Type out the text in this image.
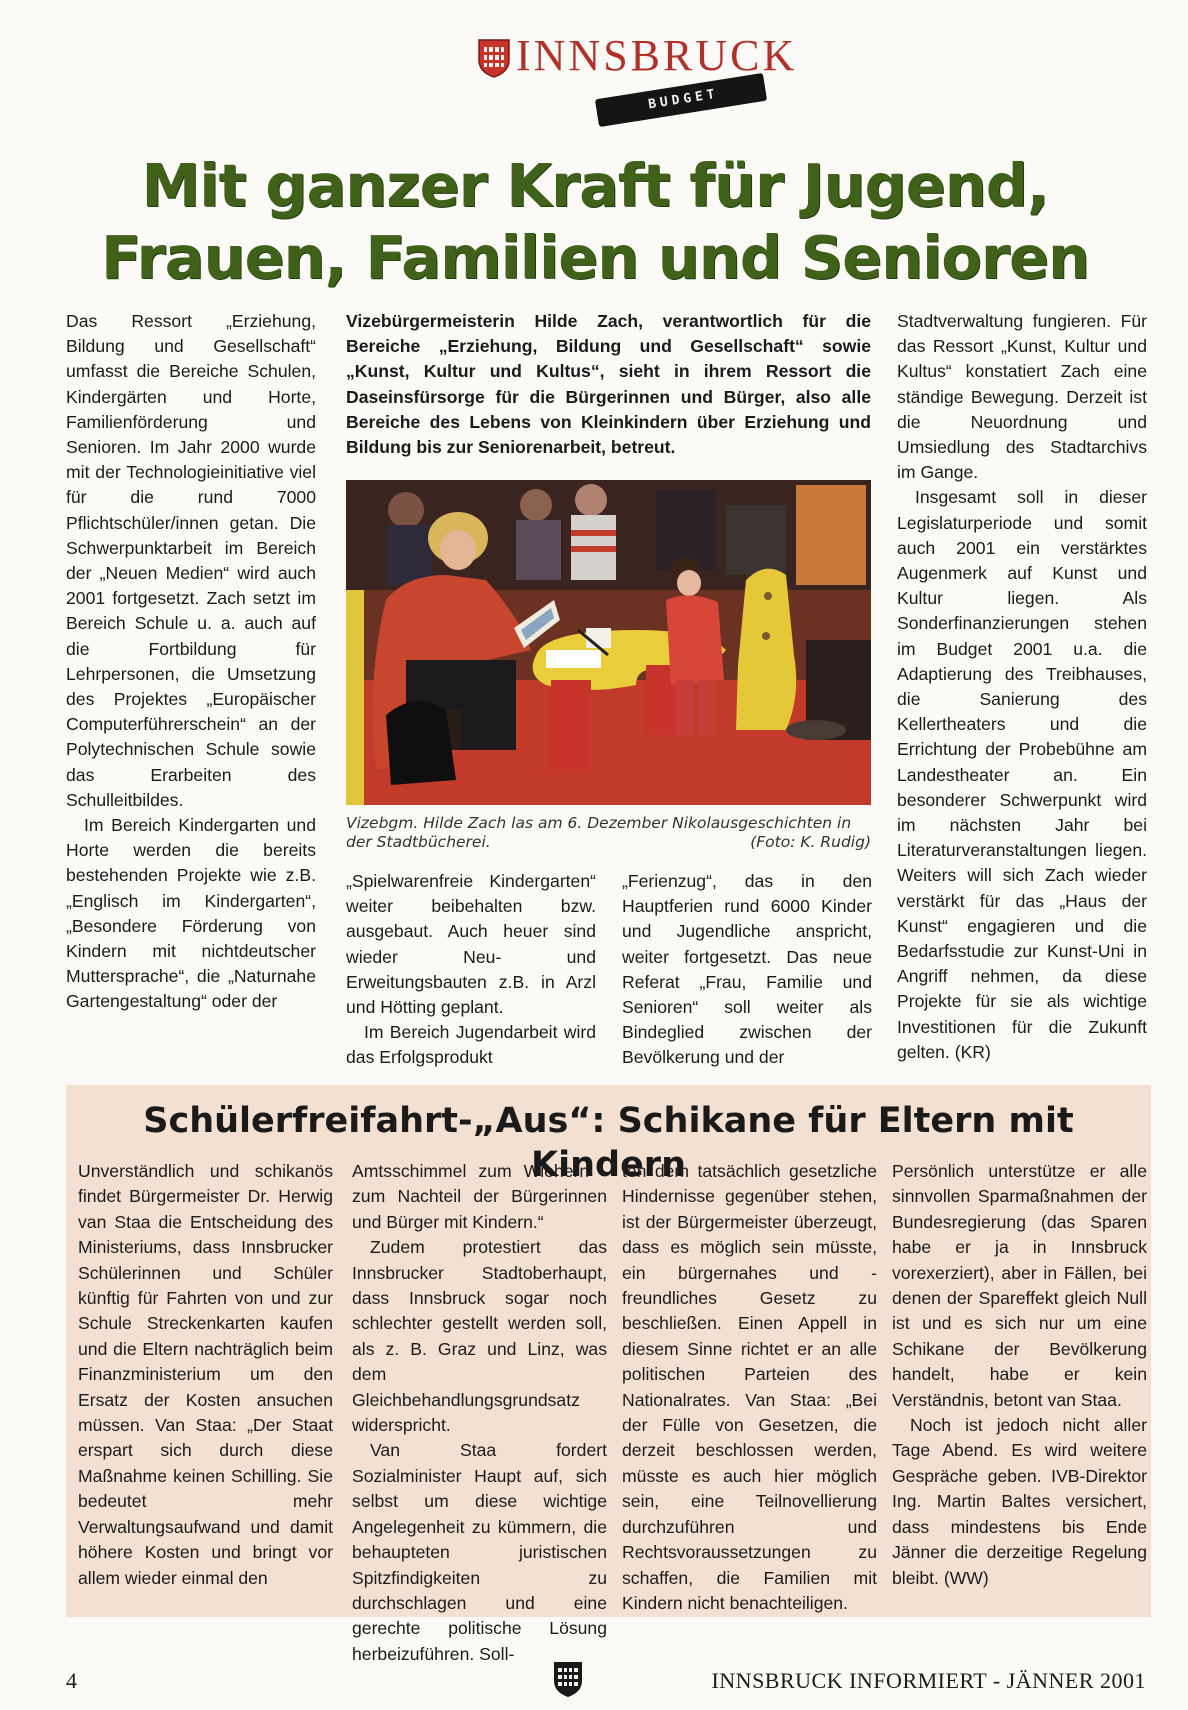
INNSBRUCK
BUDGET
Mit ganzer Kraft für Jugend,
Frauen, Familien und Senioren

Das Ressort „Erziehung, Bildung und Gesellschaft“ umfasst die Bereiche Schulen, Kindergärten und Horte, Familienförderung und Senioren. Im Jahr 2000 wurde mit der Technologieinitiative viel für die rund 7000 Pflichtschüler/innen getan. Die Schwerpunktarbeit im Bereich der „Neuen Medien“ wird auch 2001 fortgesetzt. Zach setzt im Bereich Schule u. a. auch auf die Fortbildung für Lehrpersonen, die Umsetzung des Projektes „Europäischer Computerführerschein“ an der Polytechnischen Schule sowie das Erarbeiten des Schulleitbildes.

Im Bereich Kindergarten und Horte werden die bereits bestehenden Projekte wie z.B. „Englisch im Kindergarten“, „Besondere Förderung von Kindern mit nichtdeutscher Muttersprache“, die „Naturnahe Gartengestaltung“ oder der

Vizebürgermeisterin Hilde Zach, verantwortlich für die Bereiche „Erziehung, Bildung und Gesellschaft“ sowie „Kunst, Kultur und Kultus“, sieht in ihrem Ressort die Daseinsfürsorge für die Bürgerinnen und Bürger, also alle Bereiche des Lebens von Kleinkindern über Erziehung und Bildung bis zur Seniorenarbeit, betreut.
Vizebgm. Hilde Zach las am 6. Dezember Nikolausgeschichten in der Stadtbücherei.	(Foto: K. Rudig)

„Spielwarenfreie Kindergarten“ weiter beibehalten bzw. ausgebaut. Auch heuer sind wieder Neu- und Erweitungsbauten z.B. in Arzl und Hötting geplant.

Im Bereich Jugendarbeit wird das Erfolgsprodukt

„Ferienzug“, das in den Hauptferien rund 6000 Kinder und Jugendliche anspricht, weiter fortgesetzt. Das neue Referat „Frau, Familie und Senioren“ soll weiter als Bindeglied zwischen der Bevölkerung und der

Stadtverwaltung fungieren. Für das Ressort „Kunst, Kultur und Kultus“ konstatiert Zach eine ständige Bewegung. Derzeit ist die Neuordnung und Umsiedlung des Stadtarchivs im Gange.

Insgesamt soll in dieser Legislaturperiode und somit auch 2001 ein verstärktes Augenmerk auf Kunst und Kultur liegen. Als Sonderfinanzierungen stehen im Budget 2001 u.a. die Adaptierung des Treibhauses, die Sanierung des Kellertheaters und die Errichtung der Probebühne am Landestheater an. Ein besonderer Schwerpunkt wird im nächsten Jahr bei Literaturveranstaltungen liegen. Weiters will sich Zach wieder verstärkt für das „Haus der Kunst“ engagieren und die Bedarfsstudie zur Kunst-Uni in Angriff nehmen, da diese Projekte für sie als wichtige Investitionen für die Zukunft gelten. (KR)

Schülerfreifahrt-„Aus“: Schikane für Eltern mit Kindern

Unverständlich und schikanös findet Bürgermeister Dr. Herwig van Staa die Entscheidung des Ministeriums, dass Innsbrucker Schülerinnen und Schüler künftig für Fahrten von und zur Schule Streckenkarten kaufen und die Eltern nachträglich beim Finanzministerium um den Ersatz der Kosten ansuchen müssen. Van Staa: „Der Staat erspart sich durch diese Maßnahme keinen Schilling. Sie bedeutet mehr Verwaltungsaufwand und damit höhere Kosten und bringt vor allem wieder einmal den

Amtsschimmel zum Wiehern - zum Nachteil der Bürgerinnen und Bürger mit Kindern.“

Zudem protestiert das Innsbrucker Stadtoberhaupt, dass Innsbruck sogar noch schlechter gestellt werden soll, als z. B. Graz und Linz, was dem Gleichbehandlungsgrundsatz widerspricht.

Van Staa fordert Sozialminister Haupt auf, sich selbst um diese wichtige Angelegenheit zu kümmern, die behaupteten juristischen Spitzfindigkeiten zu durchschlagen und eine gerechte politische Lösung herbeizuführen. Soll-

ten dem tatsächlich gesetzliche Hindernisse gegenüber stehen, ist der Bürgermeister überzeugt, dass es möglich sein müsste, ein bürgernahes und -freundliches Gesetz zu beschließen. Einen Appell in diesem Sinne richtet er an alle politischen Parteien des Nationalrates. Van Staa: „Bei der Fülle von Gesetzen, die derzeit beschlossen werden, müsste es auch hier möglich sein, eine Teilnovellierung durchzuführen und Rechtsvoraussetzungen zu schaffen, die Familien mit Kindern nicht benachteiligen.

Persönlich unterstütze er alle sinnvollen Sparmaßnahmen der Bundesregierung (das Sparen habe er ja in Innsbruck vorexerziert), aber in Fällen, bei denen der Spareffekt gleich Null ist und es sich nur um eine Schikane der Bevölkerung handelt, habe er kein Verständnis, betont van Staa.

Noch ist jedoch nicht aller Tage Abend. Es wird weitere Gespräche geben. IVB-Direktor Ing. Martin Baltes versichert, dass mindestens bis Ende Jänner die derzeitige Regelung bleibt. (WW)

4	INNSBRUCK INFORMIERT - JÄNNER 2001
